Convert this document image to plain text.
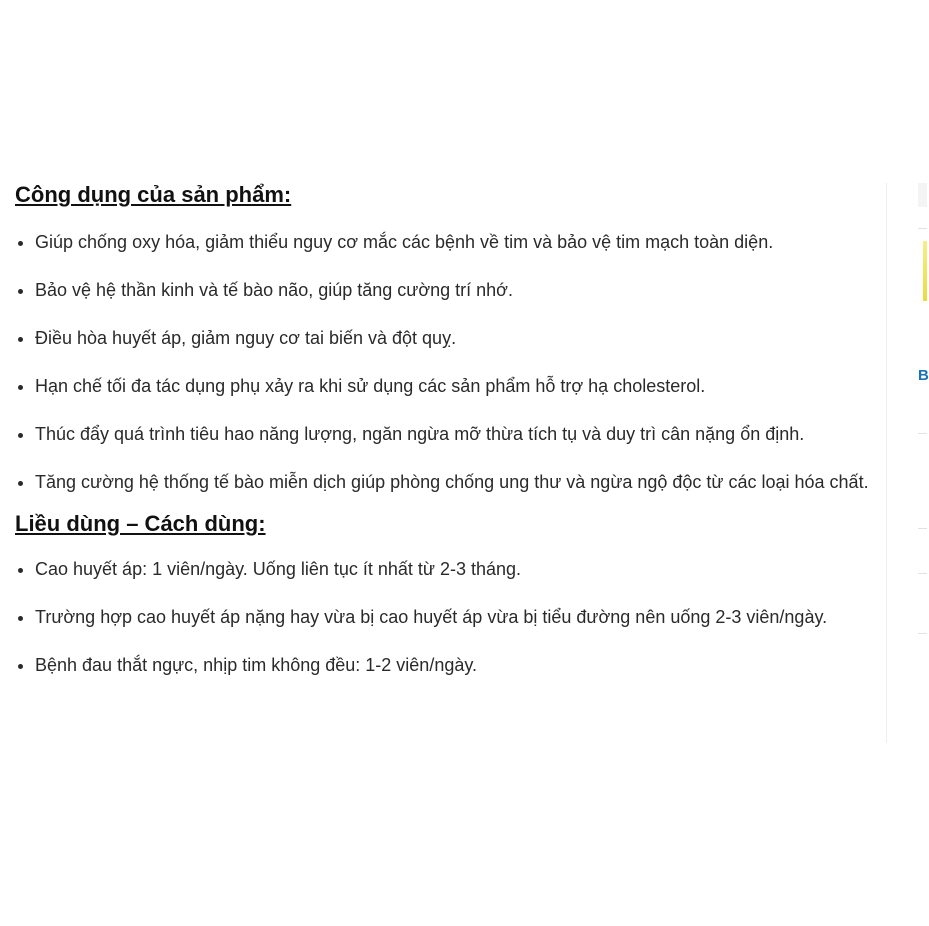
Công dụng của sản phẩm:
Giúp chống oxy hóa, giảm thiểu nguy cơ mắc các bệnh về tim và bảo vệ tim mạch toàn diện.
Bảo vệ hệ thần kinh và tế bào não, giúp tăng cường trí nhớ.
Điều hòa huyết áp, giảm nguy cơ tai biến và đột quỵ.
Hạn chế tối đa tác dụng phụ xảy ra khi sử dụng các sản phẩm hỗ trợ hạ cholesterol.
Thúc đẩy quá trình tiêu hao năng lượng, ngăn ngừa mỡ thừa tích tụ và duy trì cân nặng ổn định.
Tăng cường hệ thống tế bào miễn dịch giúp phòng chống ung thư và ngừa ngộ độc từ các loại hóa chất.
Liều dùng – Cách dùng:
Cao huyết áp: 1 viên/ngày. Uống liên tục ít nhất từ 2-3 tháng.
Trường hợp cao huyết áp nặng hay vừa bị cao huyết áp vừa bị tiểu đường nên uống 2-3 viên/ngày.
Bệnh đau thắt ngực, nhịp tim không đều: 1-2 viên/ngày.
B
